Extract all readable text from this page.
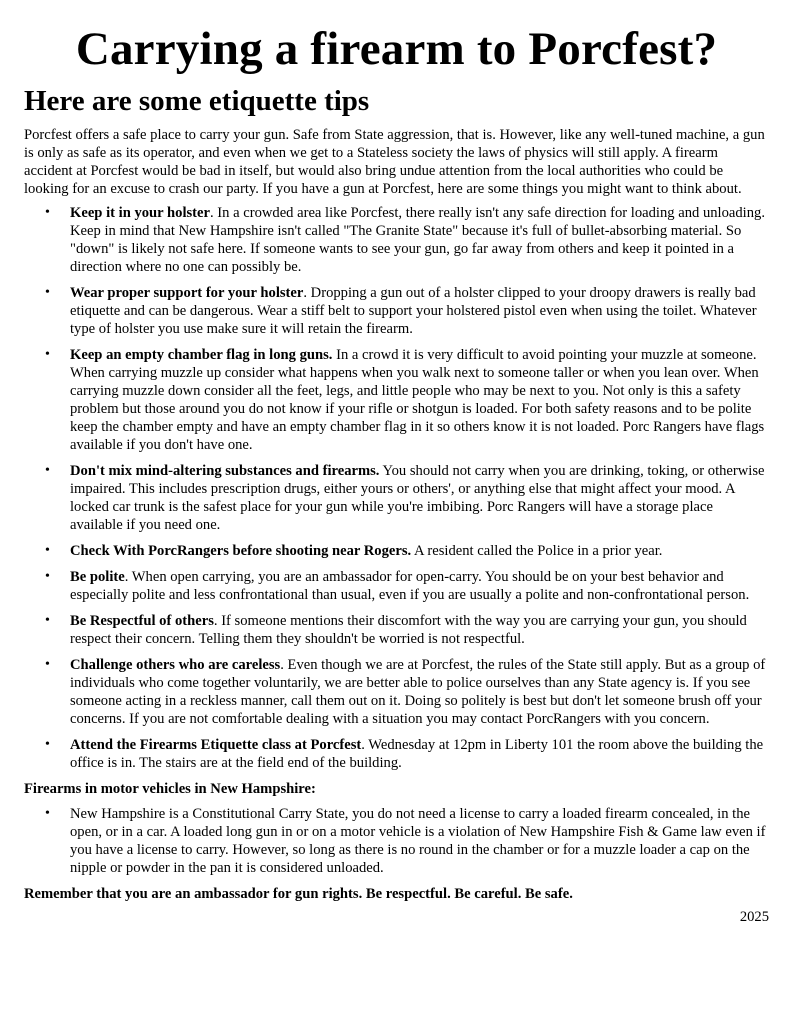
Carrying a firearm to Porcfest?
Here are some etiquette tips

Porcfest offers a safe place to carry your gun. Safe from State aggression, that is. However, like any well-tuned machine, a gun is only as safe as its operator, and even when we get to a Stateless society the laws of physics will still apply. A firearm accident at Porcfest would be bad in itself, but would also bring undue attention from the local authorities who could be looking for an excuse to crash our party. If you have a gun at Porcfest, here are some things you might want to think about.

• Keep it in your holster. In a crowded area like Porcfest, there really isn't any safe direction for loading and unloading. Keep in mind that New Hampshire isn't called "The Granite State" because it's full of bullet-absorbing material. So "down" is likely not safe here. If someone wants to see your gun, go far away from others and keep it pointed in a direction where no one can possibly be.
• Wear proper support for your holster. Dropping a gun out of a holster clipped to your droopy drawers is really bad etiquette and can be dangerous. Wear a stiff belt to support your holstered pistol even when using the toilet. Whatever type of holster you use make sure it will retain the firearm.
• Keep an empty chamber flag in long guns. In a crowd it is very difficult to avoid pointing your muzzle at someone. When carrying muzzle up consider what happens when you walk next to someone taller or when you lean over. When carrying muzzle down consider all the feet, legs, and little people who may be next to you. Not only is this a safety problem but those around you do not know if your rifle or shotgun is loaded. For both safety reasons and to be polite keep the chamber empty and have an empty chamber flag in it so others know it is not loaded. Porc Rangers have flags available if you don't have one.
• Don't mix mind-altering substances and firearms. You should not carry when you are drinking, toking, or otherwise impaired. This includes prescription drugs, either yours or others', or anything else that might affect your mood. A locked car trunk is the safest place for your gun while you're imbibing. Porc Rangers will have a storage place available if you need one.
• Check With PorcRangers before shooting near Rogers. A resident called the Police in a prior year.
• Be polite. When open carrying, you are an ambassador for open-carry. You should be on your best behavior and especially polite and less confrontational than usual, even if you are usually a polite and non-confrontational person.
• Be Respectful of others. If someone mentions their discomfort with the way you are carrying your gun, you should respect their concern. Telling them they shouldn't be worried is not respectful.
• Challenge others who are careless. Even though we are at Porcfest, the rules of the State still apply. But as a group of individuals who come together voluntarily, we are better able to police ourselves than any State agency is. If you see someone acting in a reckless manner, call them out on it. Doing so politely is best but don't let someone brush off your concerns. If you are not comfortable dealing with a situation you may contact PorcRangers with you concern.
• Attend the Firearms Etiquette class at Porcfest. Wednesday at 12pm in Liberty 101 the room above the building the office is in. The stairs are at the field end of the building.

Firearms in motor vehicles in New Hampshire:

• New Hampshire is a Constitutional Carry State, you do not need a license to carry a loaded firearm concealed, in the open, or in a car. A loaded long gun in or on a motor vehicle is a violation of New Hampshire Fish & Game law even if you have a license to carry. However, so long as there is no round in the chamber or for a muzzle loader a cap on the nipple or powder in the pan it is considered unloaded.

Remember that you are an ambassador for gun rights. Be respectful. Be careful. Be safe.

2025
